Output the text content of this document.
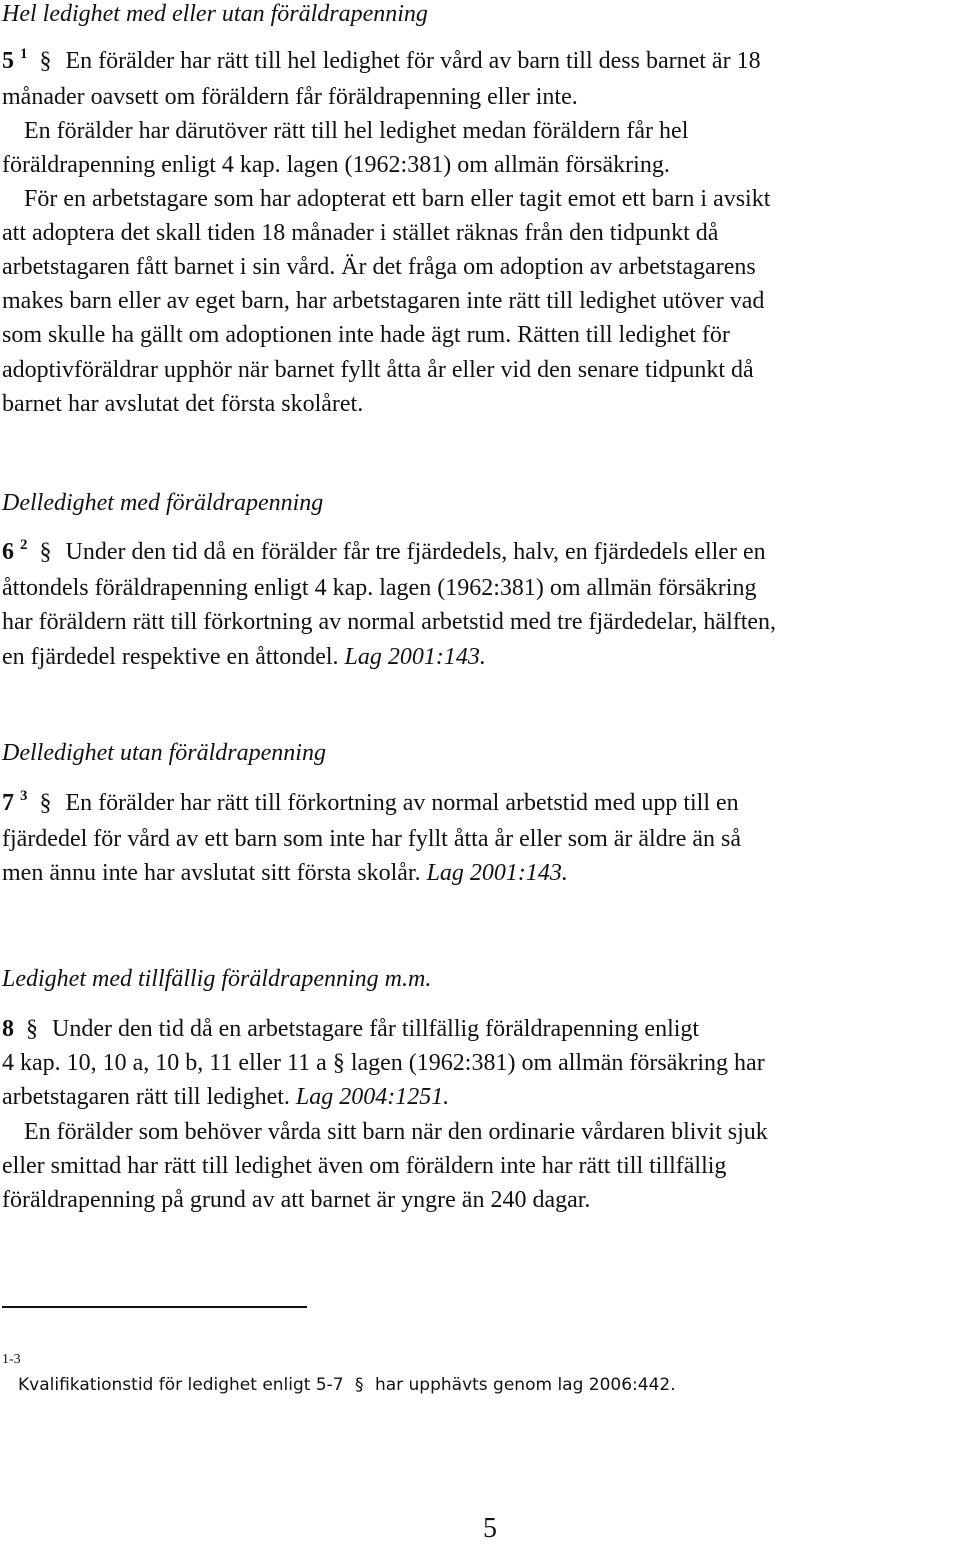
Hel ledighet med eller utan föräldrapenning
5 $^1$ § En förälder har rätt till hel ledighet för vård av barn till dess barnet är 18
månader oavsett om föräldern får föräldrapenning eller inte.
En förälder har därutöver rätt till hel ledighet medan föräldern får hel
föräldrapenning enligt 4 kap. lagen (1962:381) om allmän försäkring.
För en arbetstagare som har adopterat ett barn eller tagit emot ett barn i avsikt
att adoptera det skall tiden 18 månader i stället räknas från den tidpunkt då
arbetstagaren fått barnet i sin vård. Är det fråga om adoption av arbetstagarens
makes barn eller av eget barn, har arbetstagaren inte rätt till ledighet utöver vad
som skulle ha gällt om adoptionen inte hade ägt rum. Rätten till ledighet för
adoptivföräldrar upphör när barnet fyllt åtta år eller vid den senare tidpunkt då
barnet har avslutat det första skolåret.
Delledighet med föräldrapenning
6 $^2$ § Under den tid då en förälder får tre fjärdedels, halv, en fjärdedels eller en
åttondels föräldrapenning enligt 4 kap. lagen (1962:381) om allmän försäkring
har föräldern rätt till förkortning av normal arbetstid med tre fjärdedelar, hälften,
en fjärdedel respektive en åttondel. Lag 2001:143.
Delledighet utan föräldrapenning
7 $^3$ § En förälder har rätt till förkortning av normal arbetstid med upp till en
fjärdedel för vård av ett barn som inte har fyllt åtta år eller som är äldre än så
men ännu inte har avslutat sitt första skolår. Lag 2001:143.
Ledighet med tillfällig föräldrapenning m.m.
8 § Under den tid då en arbetstagare får tillfällig föräldrapenning enligt
4 kap. 10, 10 a, 10 b, 11 eller 11 a § lagen (1962:381) om allmän försäkring har
arbetstagaren rätt till ledighet. Lag 2004:1251.
En förälder som behöver vårda sitt barn när den ordinarie vårdaren blivit sjuk
eller smittad har rätt till ledighet även om föräldern inte har rätt till tillfällig
föräldrapenning på grund av att barnet är yngre än 240 dagar.
1-3
Kvalifikationstid för ledighet enligt 5-7 § har upphävts genom lag 2006:442.
5
